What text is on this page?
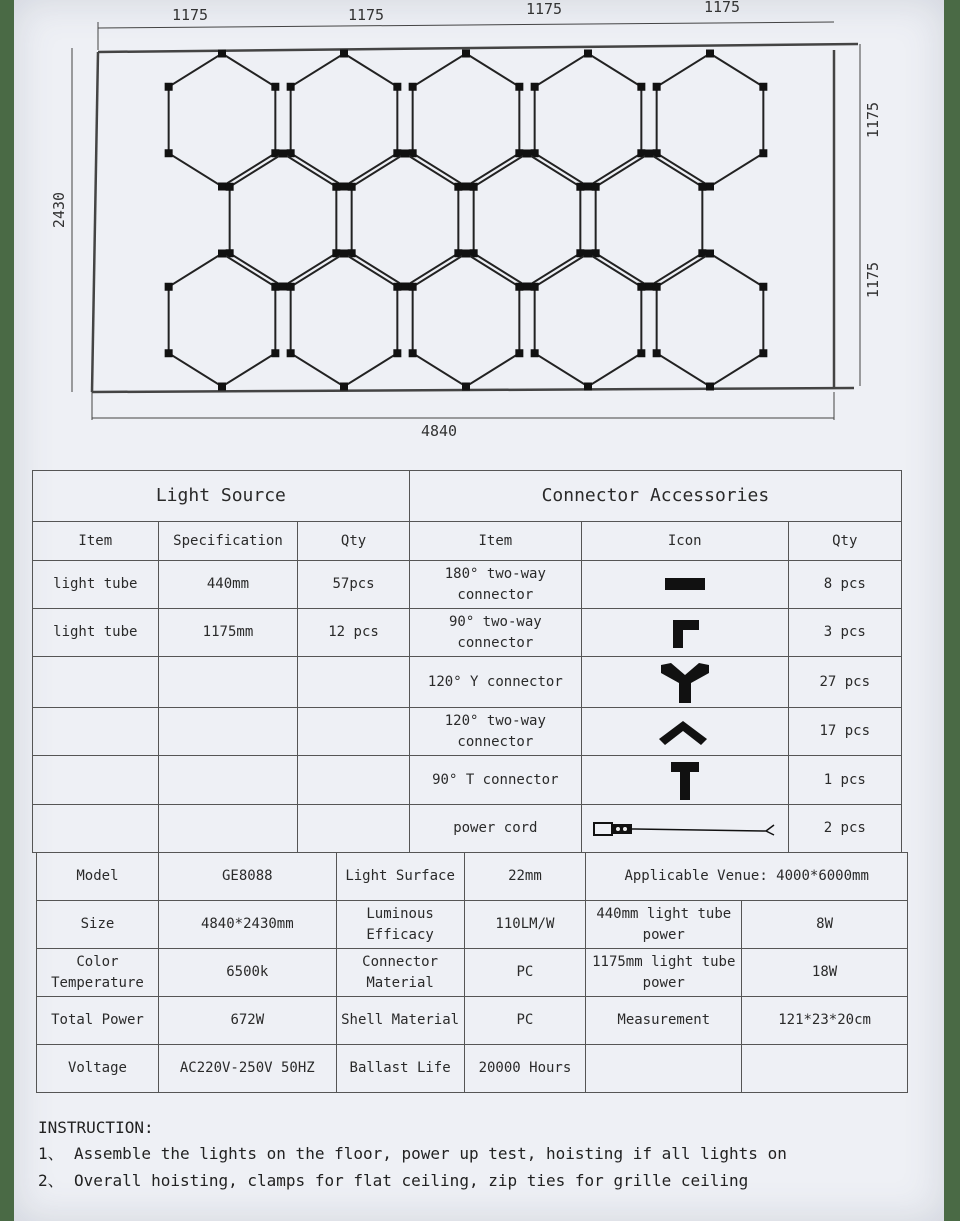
1175	1175	1175	1175
1175
1175
2430
4840
Light Source			Connector Accessories		
Item	Specification	Qty	Item	Icon	Qty
light tube	440mm	57pcs	180° two-way connector		8 pcs
light tube	1175mm	12 pcs	90° two-way connector		3 pcs
			120° Y connector		27 pcs
			120° two-way connector		17 pcs
			90° T connector		1 pcs
			power cord		2 pcs
Model	GE8088	Light Surface	22mm	Applicable Venue: 4000*6000mm	
Size	4840*2430mm	Luminous Efficacy	110LM/W	440mm light tube power	8W
Color Temperature	6500k	Connector Material	PC	1175mm light tube power	18W
Total Power	672W	Shell Material	PC	Measurement	121*23*20cm
Voltage	AC220V-250V 50HZ	Ballast Life	20000 Hours		

INSTRUCTION:

1、 Assemble the lights on the floor, power up test, hoisting if all lights on

2、 Overall hoisting, clamps for flat ceiling, zip ties for grille ceiling
